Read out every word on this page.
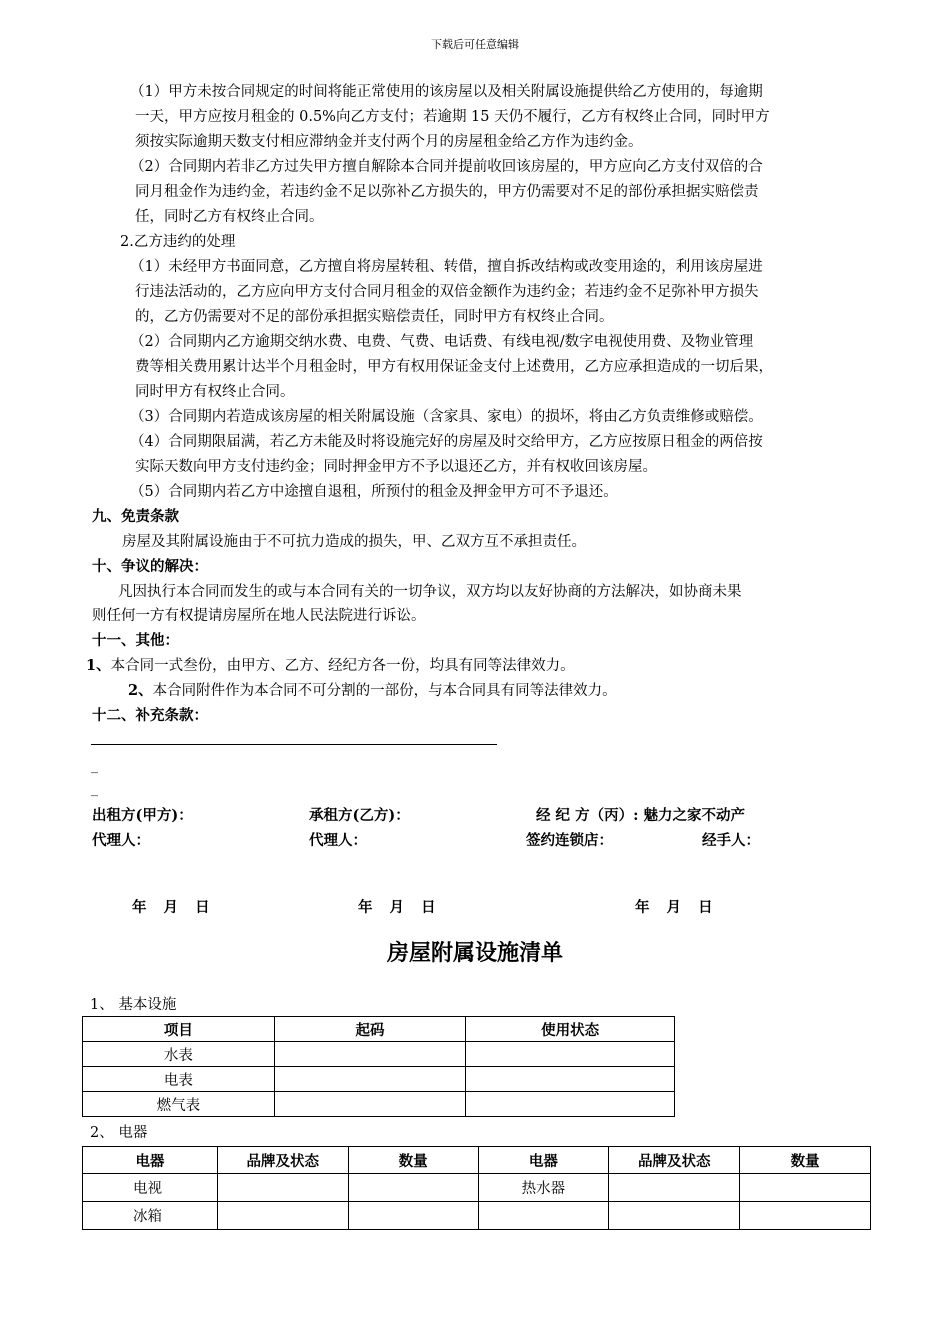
下载后可任意编辑
（1）甲方未按合同规定的时间将能正常使用的该房屋以及相关附属设施提供给乙方使用的，每逾期
一天，甲方应按月租金的 0.5%向乙方支付；若逾期 15 天仍不履行，乙方有权终止合同，同时甲方
须按实际逾期天数支付相应滞纳金并支付两个月的房屋租金给乙方作为违约金。
（2）合同期内若非乙方过失甲方擅自解除本合同并提前收回该房屋的，甲方应向乙方支付双倍的合
同月租金作为违约金，若违约金不足以弥补乙方损失的，甲方仍需要对不足的部份承担据实赔偿责
任，同时乙方有权终止合同。
2.乙方违约的处理
（1）未经甲方书面同意，乙方擅自将房屋转租、转借，擅自拆改结构或改变用途的，利用该房屋进
行违法活动的，乙方应向甲方支付合同月租金的双倍金额作为违约金；若违约金不足弥补甲方损失
的，乙方仍需要对不足的部份承担据实赔偿责任，同时甲方有权终止合同。
（2）合同期内乙方逾期交纳水费、电费、气费、电话费、有线电视/数字电视使用费、及物业管理
费等相关费用累计达半个月租金时，甲方有权用保证金支付上述费用，乙方应承担造成的一切后果，
同时甲方有权终止合同。
（3）合同期内若造成该房屋的相关附属设施（含家具、家电）的损坏，将由乙方负责维修或赔偿。
（4）合同期限届满，若乙方未能及时将设施完好的房屋及时交给甲方，乙方应按原日租金的两倍按
实际天数向甲方支付违约金；同时押金甲方不予以退还乙方，并有权收回该房屋。
（5）合同期内若乙方中途擅自退租，所预付的租金及押金甲方可不予退还。
九、免责条款
房屋及其附属设施由于不可抗力造成的损失，甲、乙双方互不承担责任。
十、争议的解决：
凡因执行本合同而发生的或与本合同有关的一切争议，双方均以友好协商的方法解决，如协商未果
则任何一方有权提请房屋所在地人民法院进行诉讼。
十一、其他：
1、本合同一式叁份，由甲方、乙方、经纪方各一份，均具有同等法律效力。
2、本合同附件作为本合同不可分割的一部份，与本合同具有同等法律效力。
十二、补充条款：
_
_
出租方(甲方)：	承租方(乙方)：	经 纪 方（丙）: 魅力之家不动产
代理人：	代理人：	签约连锁店：	经手人：
年 月 日	年 月 日	年 月 日
房屋附属设施清单
1、 基本设施
项目	起码	使用状态
水表		
电表		
燃气表		
2、 电器
电器	品牌及状态	数量	电器	品牌及状态	数量
电视			热水器		
冰箱					
